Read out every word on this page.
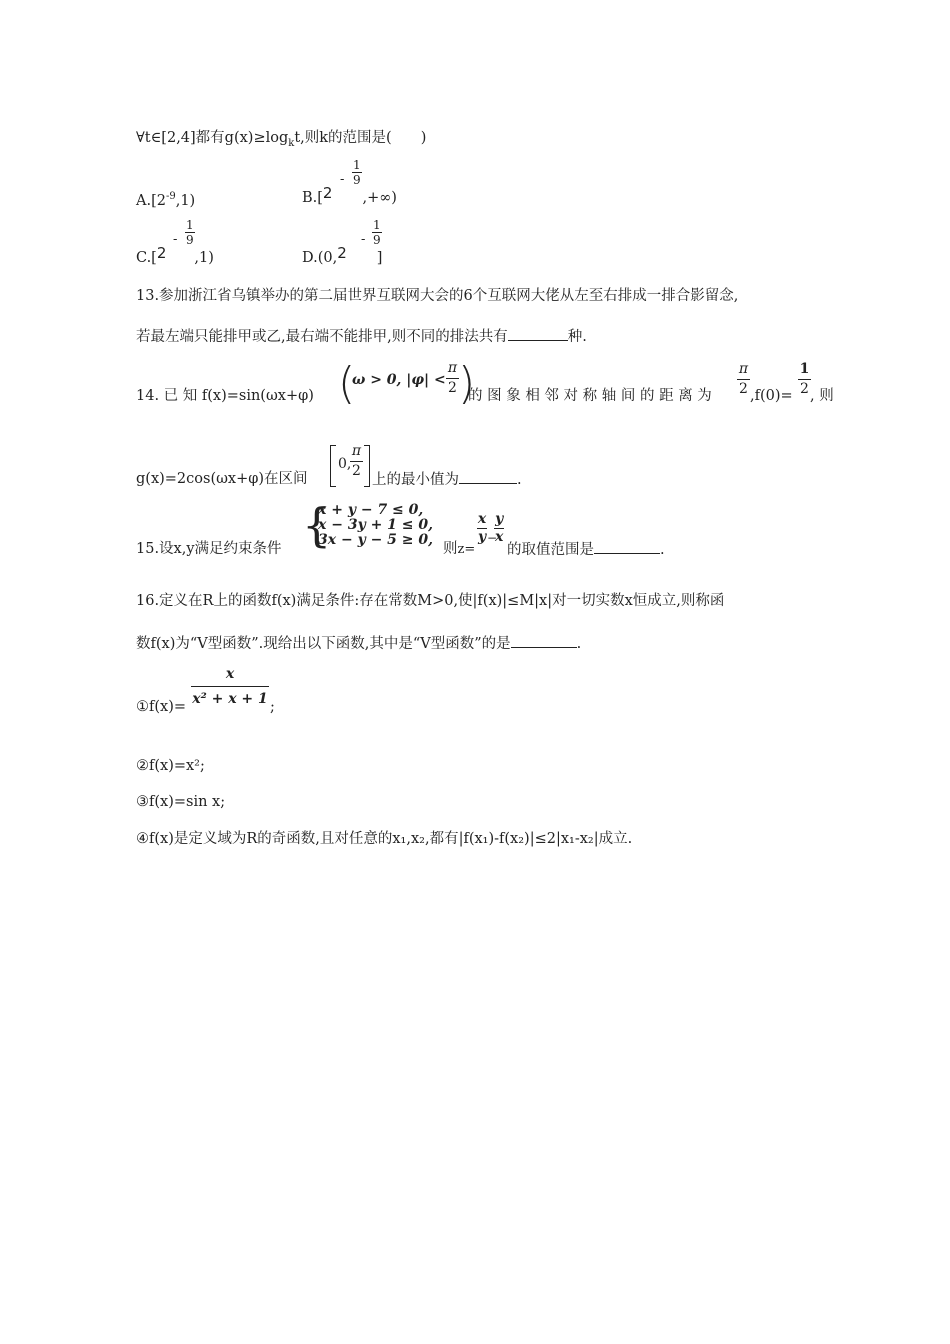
∀t∈[2,4]都有$g(x)\ge\log_kt$,则k的范围是(　　)
$A.[2^{-9},1)$	B.[2 ,+∞)
-
1
9
C.[2 ,1)
-
1
9
D.(0,2 ]
-
1
9
13.参加浙江省乌镇举办的第二届世界互联网大会的6个互联网大佬从左至右排成一排合影留念,
若最左端只能排甲或乙,最右端不能排甲,则不同的排法共有	种.
14. 已 知 f(x)=sin(ωx+φ) (
ω > 0, |φ| <
π
2 )
的 图 象 相 邻 对 称 轴 间 的 距 离 为
π
2 ,f(0)=
1
2 , 则
g(x)=2cos(ωx+φ)在区间
0,
π
2
上的最小值为	.
15.设x,y满足约束条件 {
x + y − 7 ≤ 0,
x − 3y + 1 ≤ 0,
3x − y − 5 ≥ 0,
则z=
x
y −
y
x
的取值范围是	.
16.定义在R上的函数f(x)满足条件:存在常数M>0,使|f(x)|≤M|x|对一切实数x恒成立,则称函
数f(x)为“V型函数”.现给出以下函数,其中是“V型函数”的是	.
①f(x)=
x
x² + x + 1 ;
②f(x)=x²;
③f(x)=sin x;
④f(x)是定义域为R的奇函数,且对任意的x₁,x₂,都有|f(x₁)-f(x₂)|≤2|x₁-x₂|成立.
